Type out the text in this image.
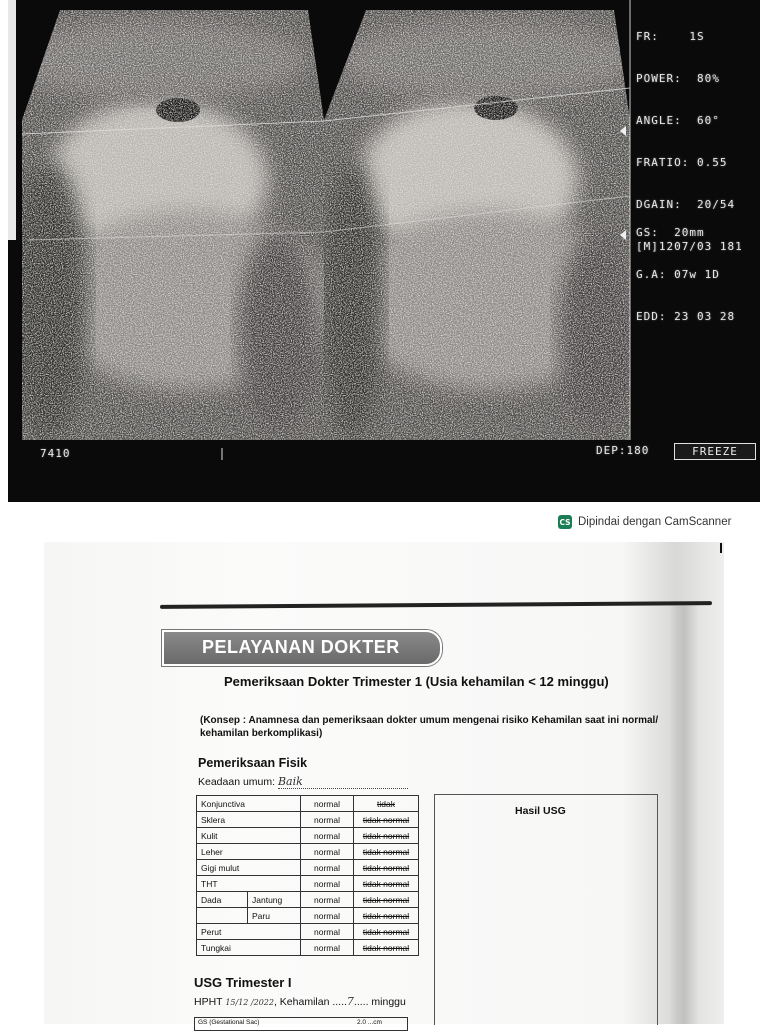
FR:    1S

POWER:  80%

ANGLE:  60°

FRATIO: 0.55

DGAIN:  20/54

[M]1207/03 181

GS:  20mm

G.A: 07w 1D

EDD: 23 03 28

7410	DEP:180	FREEZE
CS Dipindai dengan CamScanner
PELAYANAN DOKTER
Pemeriksaan Dokter Trimester 1 (Usia kehamilan < 12 minggu)
(Konsep : Anamnesa dan pemeriksaan dokter umum mengenai risiko Kehamilan saat ini normal/ kehamilan berkomplikasi)
Pemeriksaan Fisik
Keadaan umum: Baik
Konjunctiva		normal	tidak
Sklera		normal	tidak normal
Kulit		normal	tidak normal
Leher		normal	tidak normal
Gigi mulut		normal	tidak normal
THT		normal	tidak normal
Dada	Jantung	normal	tidak normal
	Paru	normal	tidak normal
Perut		normal	tidak normal
Tungkai		normal	tidak normal
Hasil USG
USG Trimester I
HPHT 15/12 /2022, Kehamilan .....7..... minggu
GS (Gestational Sac)	2.0 ...cm
